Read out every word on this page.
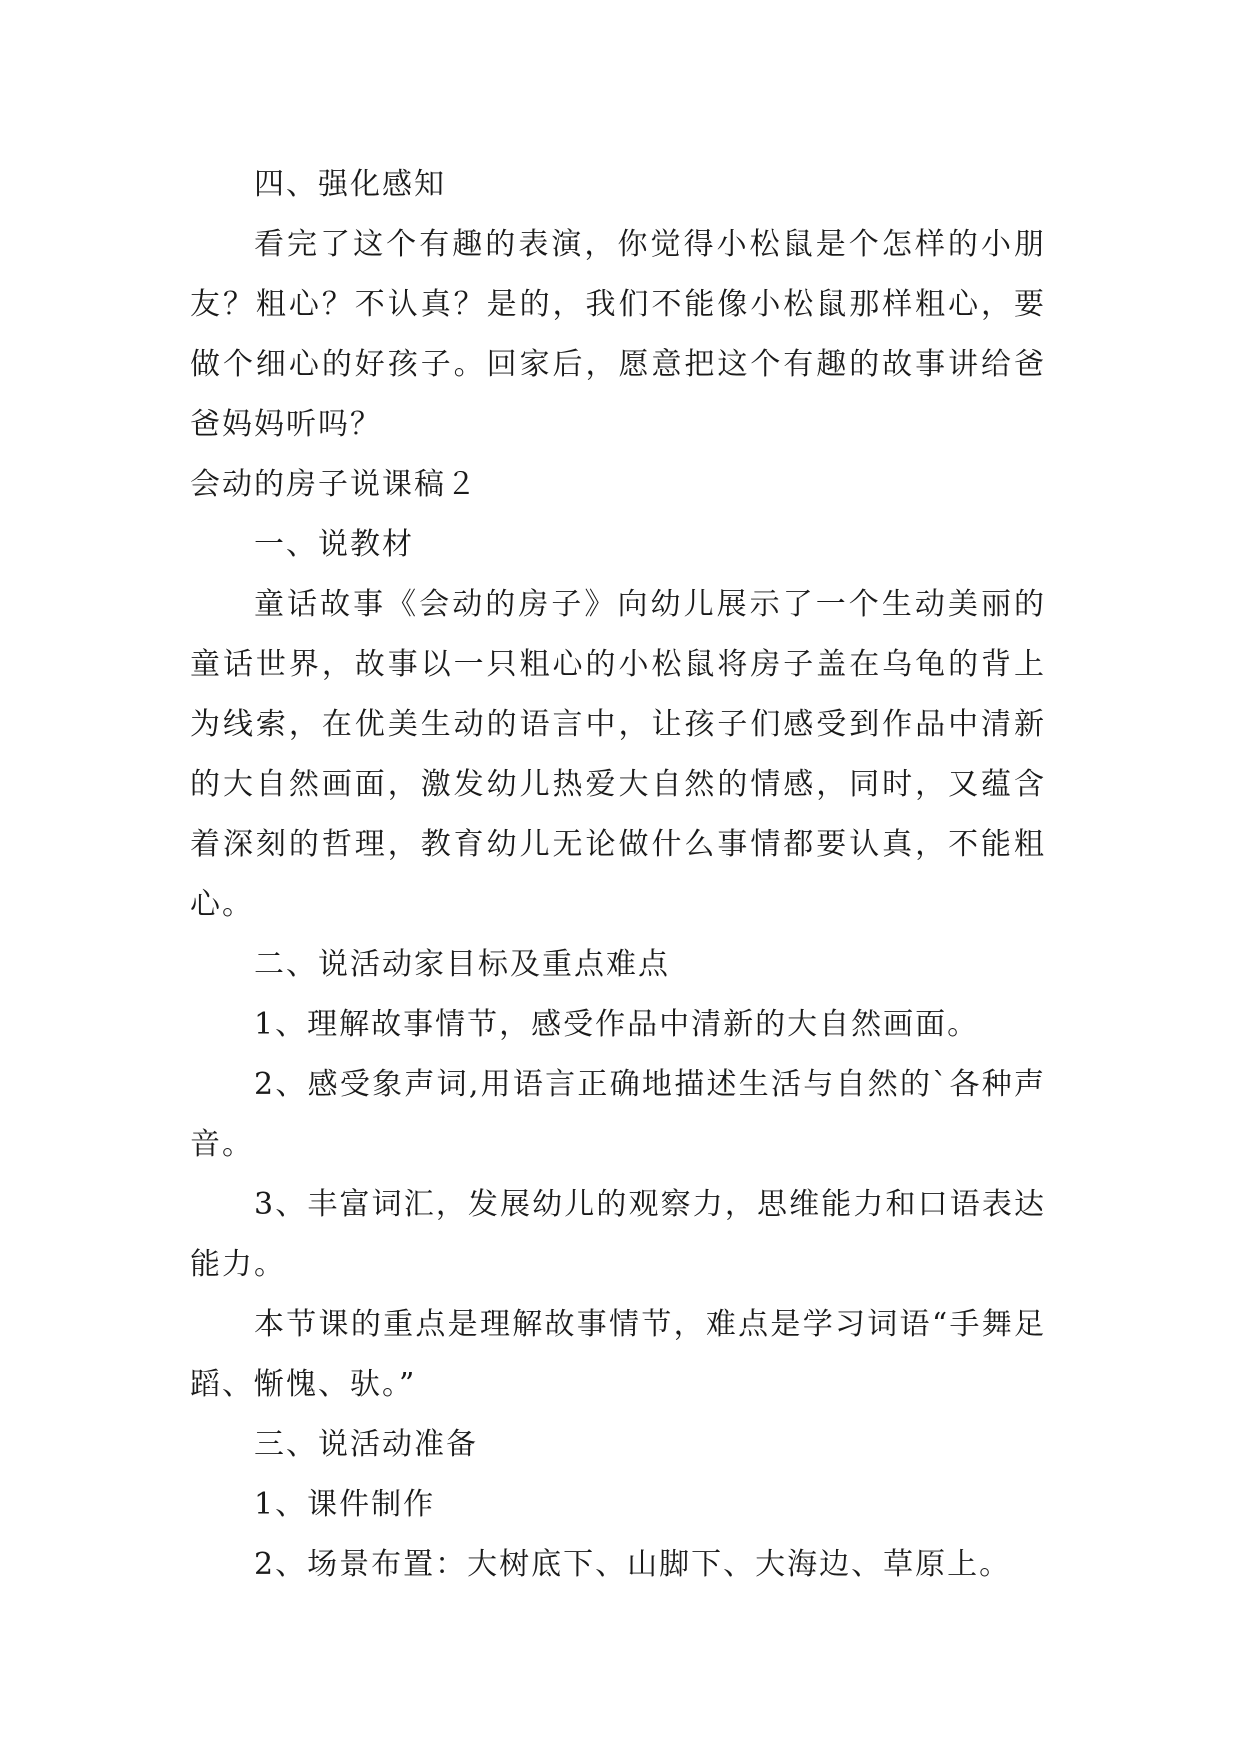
四、强化感知

看完了这个有趣的表演，你觉得小松鼠是个怎样的小朋友？粗心？不认真？是的，我们不能像小松鼠那样粗心，要做个细心的好孩子。回家后，愿意把这个有趣的故事讲给爸爸妈妈听吗？

会动的房子说课稿２

一、说教材

童话故事《会动的房子》向幼儿展示了一个生动美丽的童话世界，故事以一只粗心的小松鼠将房子盖在乌龟的背上为线索，在优美生动的语言中，让孩子们感受到作品中清新的大自然画面，激发幼儿热爱大自然的情感，同时，又蕴含着深刻的哲理，教育幼儿无论做什么事情都要认真，不能粗心。

二、说活动家目标及重点难点

1、理解故事情节，感受作品中清新的大自然画面。

2、感受象声词,用语言正确地描述生活与自然的`各种声音。

3、丰富词汇，发展幼儿的观察力，思维能力和口语表达能力。

本节课的重点是理解故事情节，难点是学习词语“手舞足蹈、惭愧、驮。”

三、说活动准备

1、课件制作

2、场景布置：大树底下、山脚下、大海边、草原上。
